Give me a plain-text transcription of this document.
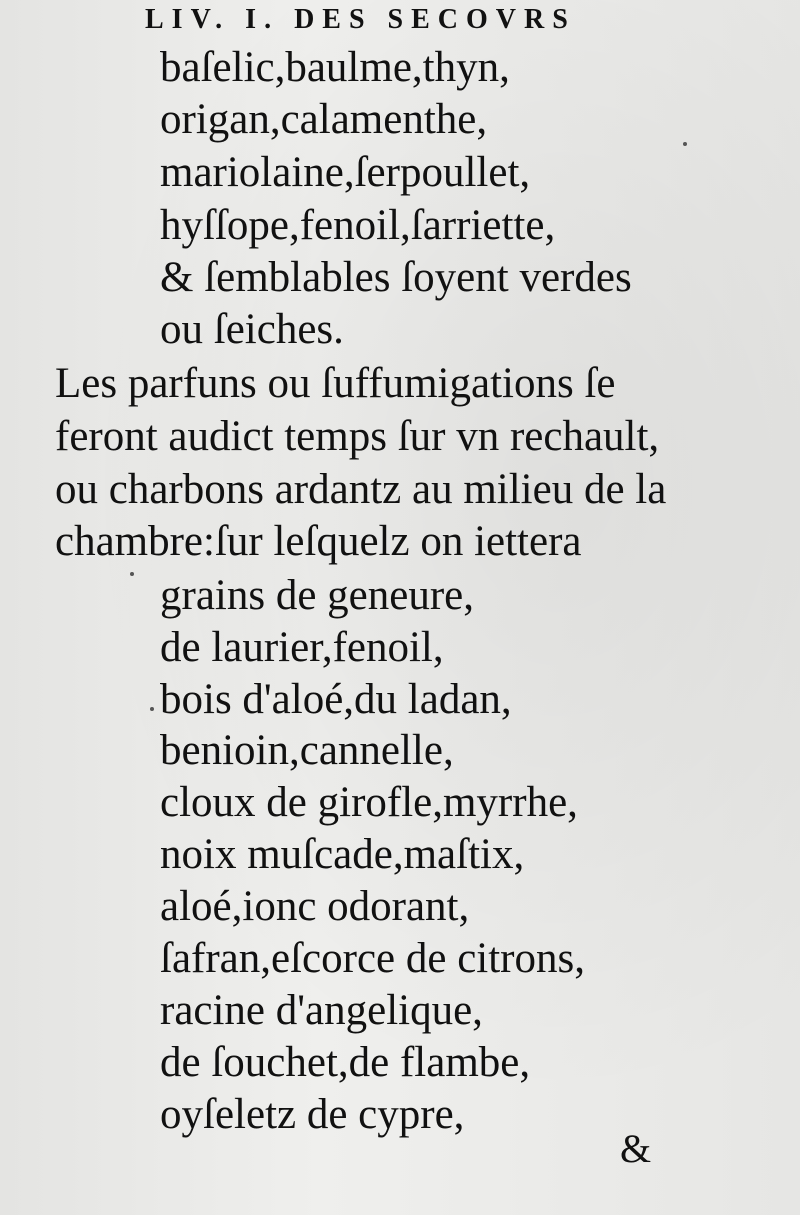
LIV. I. DES SECOVRS
baſelic,baulme,thyn,
origan,calamenthe,
mariolaine,ſerpoullet,
hyſſope,fenoil,ſarriette,
& ſemblables ſoyent verdes
ou ſeiches.
Les parfuns ou ſuffumigations ſe
feront audict temps ſur vn rechault,
ou charbons ardantz au milieu de la
chambre:ſur leſquelz on iettera
grains de geneure,
de laurier,fenoil,
bois d'aloé,du ladan,
benioin,cannelle,
cloux de girofle,myrrhe,
noix muſcade,maſtix,
aloé,ionc odorant,
ſafran,eſcorce de citrons,
racine d'angelique,
de ſouchet,de flambe,
oyſeletz de cypre,
&
